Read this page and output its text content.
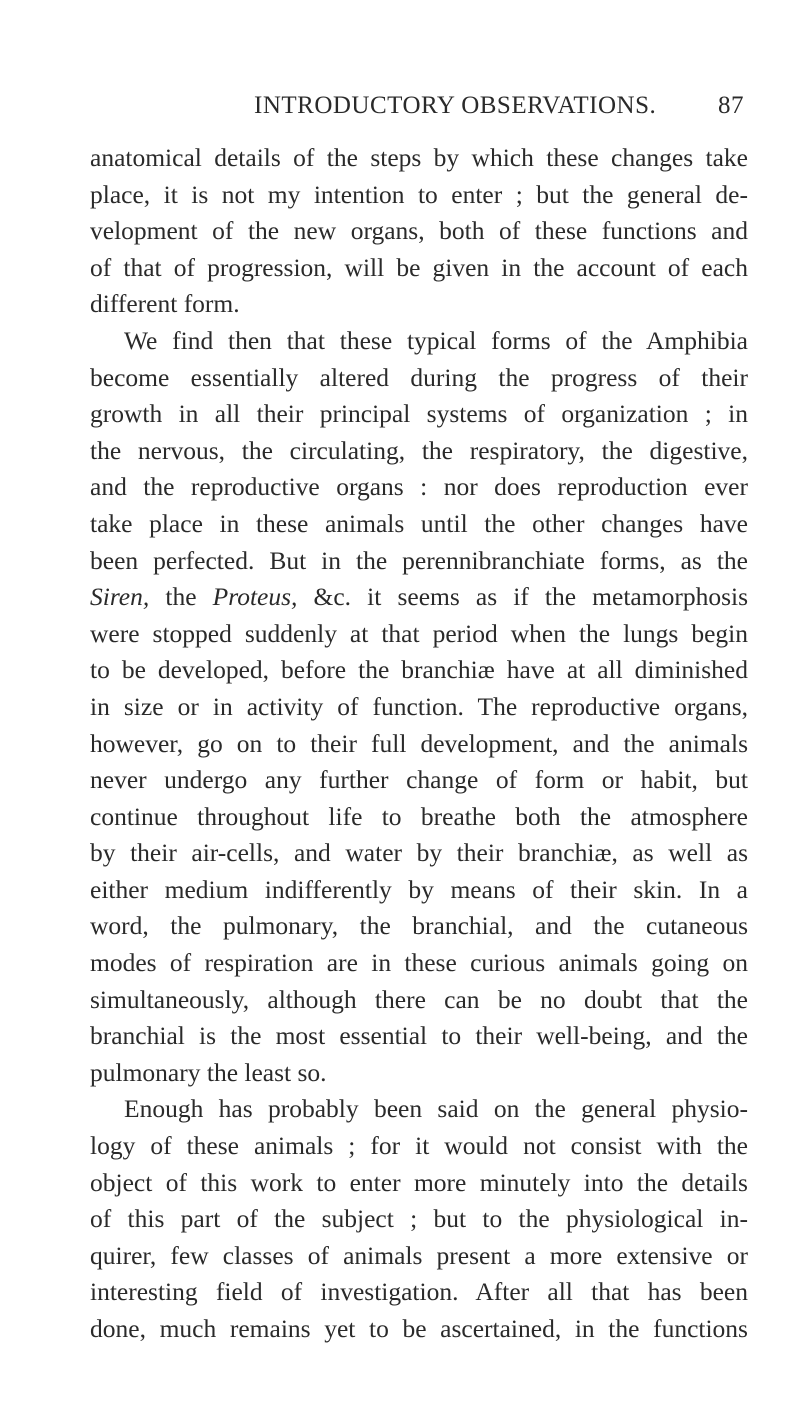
INTRODUCTORY OBSERVATIONS. 87
anatomical details of the steps by which these changes take
place, it is not my intention to enter ; but the general de-
velopment of the new organs, both of these functions and
of that of progression, will be given in the account of each
different form.
We find then that these typical forms of the Amphibia
become essentially altered during the progress of their
growth in all their principal systems of organization ; in
the nervous, the circulating, the respiratory, the digestive,
and the reproductive organs : nor does reproduction ever
take place in these animals until the other changes have
been perfected. But in the perennibranchiate forms, as the
Siren, the Proteus, &c. it seems as if the metamorphosis
were stopped suddenly at that period when the lungs begin
to be developed, before the branchiæ have at all diminished
in size or in activity of function. The reproductive organs,
however, go on to their full development, and the animals
never undergo any further change of form or habit, but
continue throughout life to breathe both the atmosphere
by their air-cells, and water by their branchiæ, as well as
either medium indifferently by means of their skin. In a
word, the pulmonary, the branchial, and the cutaneous
modes of respiration are in these curious animals going on
simultaneously, although there can be no doubt that the
branchial is the most essential to their well-being, and the
pulmonary the least so.
Enough has probably been said on the general physio-
logy of these animals ; for it would not consist with the
object of this work to enter more minutely into the details
of this part of the subject ; but to the physiological in-
quirer, few classes of animals present a more extensive or
interesting field of investigation. After all that has been
done, much remains yet to be ascertained, in the functions
